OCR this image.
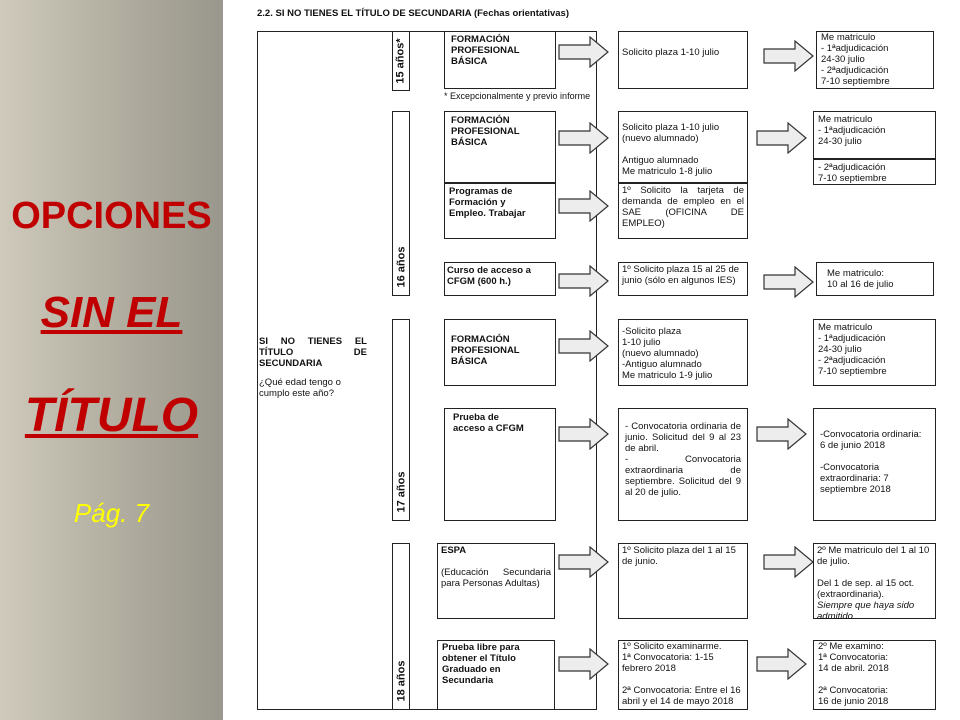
OPCIONES
SIN EL
TÍTULO
Pág. 7
2.2. SI NO TIENES EL TÍTULO DE SECUNDARIA (Fechas orientativas)
SI NO TIENES EL TÍTULO DE SECUNDARIA
¿Qué edad tengo o cumplo este año?
15 años*
16 años
17 años
18 años
FORMACIÓN
PROFESIONAL
BÁSICA
Solicito plaza 1-10 julio
Me matriculo
- 1ªadjudicación
24-30 julio
- 2ªadjudicación
7-10 septiembre
* Excepcionalmente y previo informe
FORMACIÓN
PROFESIONAL
BÁSICA
Solicito plaza 1-10 julio
(nuevo alumnado)

Antiguo alumnado
Me matriculo 1-8 julio
Me matriculo
- 1ªadjudicación
24-30 julio
- 2ªadjudicación
7-10 septiembre
Programas de
Formación y
Empleo. Trabajar
1º Solicito la tarjeta de demanda de empleo en el SAE (OFICINA DE EMPLEO)
Curso de acceso a
CFGM (600 h.)
1º Solicito plaza 15 al 25 de junio (sólo en algunos IES)
Me matriculo:
10 al 16 de julio
FORMACIÓN
PROFESIONAL
BÁSICA
-Solicito plaza
1-10 julio
(nuevo alumnado)
-Antiguo alumnado
Me matriculo 1-9 julio
Me matriculo
- 1ªadjudicación
24-30 julio
- 2ªadjudicación
7-10 septiembre
Prueba de
acceso a CFGM	- Convocatoria ordinaria de junio. Solicitud del 9 al 23 de abril.
- Convocatoria extraordinaria de septiembre. Solicitud del 9 al 20 de julio.
-Convocatoria ordinaria: 6 de junio 2018

-Convocatoria extraordinaria: 7 septiembre 2018
ESPA
(Educación Secundaria para Personas Adultas)
1º Solicito plaza del 1 al 15 de junio.
2º Me matriculo del 1 al 10 de julio.

Del 1 de sep. al 15 oct. (extraordinaria).
Siempre que haya sido admitido
Prueba libre para obtener el Título Graduado en Secundaria
1º Solicito examinarme.
1ª Convocatoria: 1-15 febrero 2018

2ª Convocatoria: Entre el 16 abril y el 14 de mayo 2018
2º Me examino:
1ª Convocatoria:
14 de abril. 2018

2ª Convocatoria:
16 de junio 2018
